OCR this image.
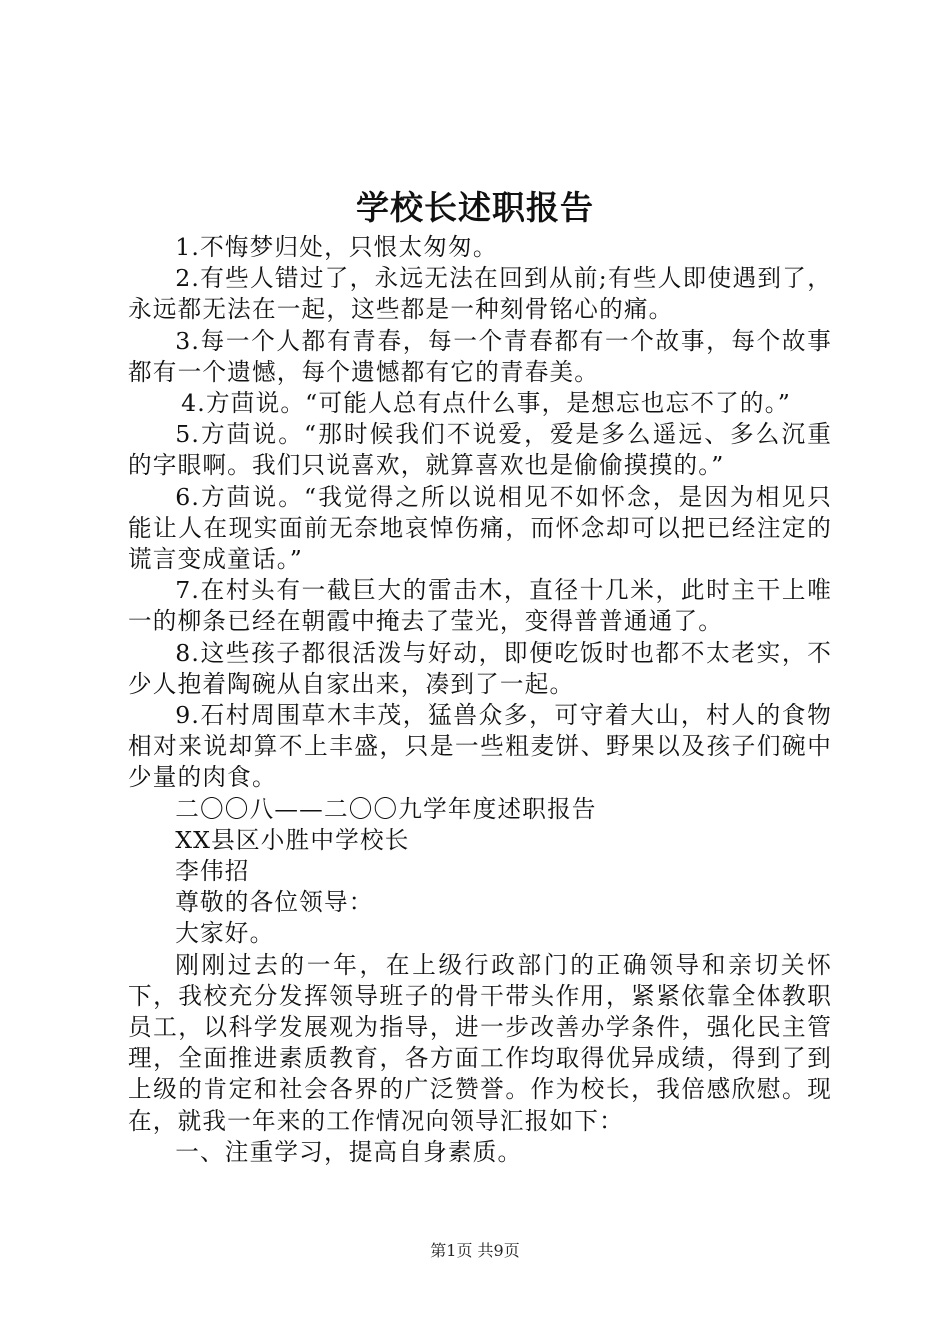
学校长述职报告

1.不悔梦归处，只恨太匆匆。

2.有些人错过了，永远无法在回到从前;有些人即使遇到了，永远都无法在一起，这些都是一种刻骨铭心的痛。

3.每一个人都有青春，每一个青春都有一个故事，每个故事都有一个遗憾，每个遗憾都有它的青春美。

4.方茴说。“可能人总有点什么事，是想忘也忘不了的。”

5.方茴说。“那时候我们不说爱，爱是多么遥远、多么沉重的字眼啊。我们只说喜欢，就算喜欢也是偷偷摸摸的。”

6.方茴说。“我觉得之所以说相见不如怀念，是因为相见只能让人在现实面前无奈地哀悼伤痛，而怀念却可以把已经注定的谎言变成童话。”

7.在村头有一截巨大的雷击木，直径十几米，此时主干上唯一的柳条已经在朝霞中掩去了莹光，变得普普通通了。

8.这些孩子都很活泼与好动，即便吃饭时也都不太老实，不少人抱着陶碗从自家出来，凑到了一起。

9.石村周围草木丰茂，猛兽众多，可守着大山，村人的食物相对来说却算不上丰盛，只是一些粗麦饼、野果以及孩子们碗中少量的肉食。

二〇〇八——二〇〇九学年度述职报告

XX县区小胜中学校长

李伟招

尊敬的各位领导：

大家好。

刚刚过去的一年，在上级行政部门的正确领导和亲切关怀下，我校充分发挥领导班子的骨干带头作用，紧紧依靠全体教职员工，以科学发展观为指导，进一步改善办学条件，强化民主管理，全面推进素质教育，各方面工作均取得优异成绩，得到了到上级的肯定和社会各界的广泛赞誉。作为校长，我倍感欣慰。现在，就我一年来的工作情况向领导汇报如下：

一、注重学习，提高自身素质。

第1页 共9页
